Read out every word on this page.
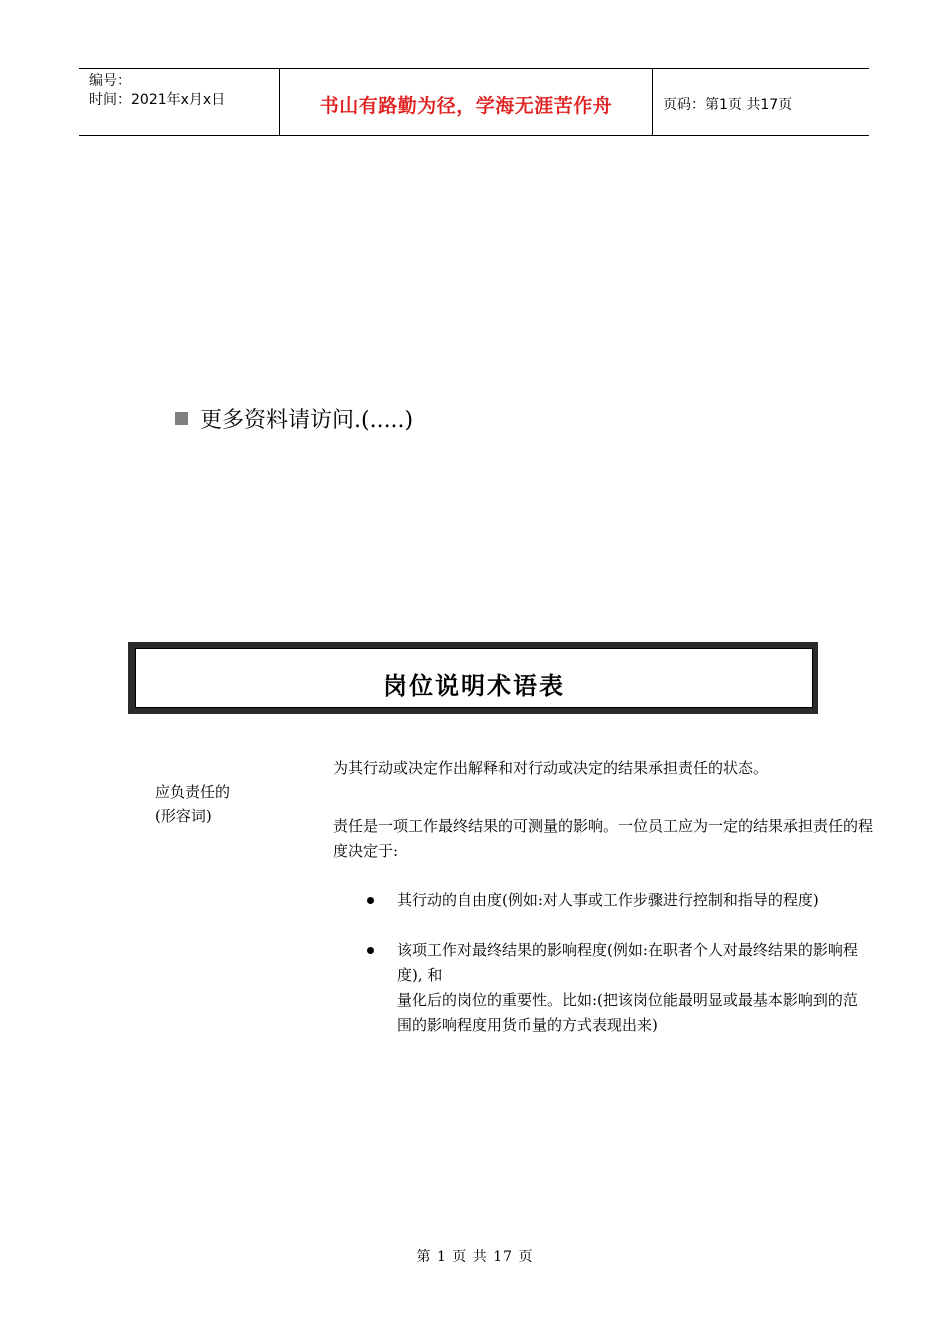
编号：
时间：2021年x月x日	书山有路勤为径，学海无涯苦作舟	页码：第1页 共17页
更多资料请访问.(.....)
岗位说明术语表
应负责任的
(形容词)
为其行动或决定作出解释和对行动或决定的结果承担责任的状态。
责任是一项工作最终结果的可测量的影响。一位员工应为一定的结果承担责任的程度决定于:
其行动的自由度(例如:对人事或工作步骤进行控制和指导的程度)
该项工作对最终结果的影响程度(例如:在职者个人对最终结果的影响程度), 和
量化后的岗位的重要性。比如:(把该岗位能最明显或最基本影响到的范围的影响程度用货币量的方式表现出来)
第 1 页 共 17 页
